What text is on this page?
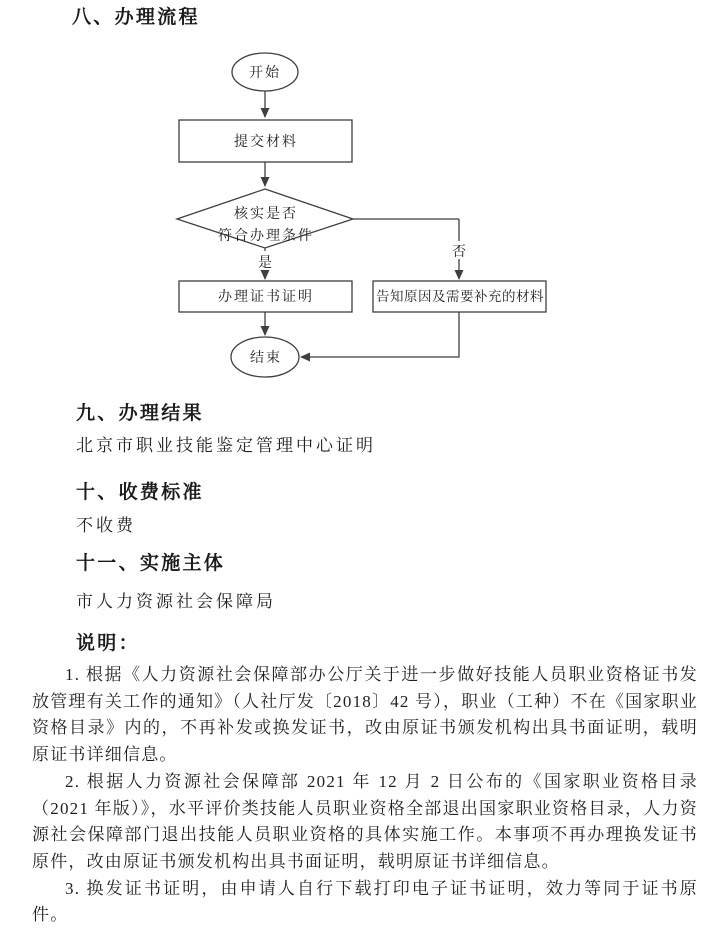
八、办理流程
开始
提交材料
核实是否
符合办理条件
是
否
办理证书证明	告知原因及需要补充的材料
结束
九、办理结果
北京市职业技能鉴定管理中心证明
十、收费标准
不收费
十一、实施主体
市人力资源社会保障局
说明：

1. 根据《人力资源社会保障部办公厅关于进一步做好技能人员职业资格证书发放管理有关工作的通知》（人社厅发〔2018〕42 号），职业（工种）不在《国家职业资格目录》内的，不再补发或换发证书，改由原证书颁发机构出具书面证明，载明原证书详细信息。

2. 根据人力资源社会保障部 2021 年 12 月 2 日公布的《国家职业资格目录（2021 年版）》，水平评价类技能人员职业资格全部退出国家职业资格目录，人力资源社会保障部门退出技能人员职业资格的具体实施工作。本事项不再办理换发证书原件，改由原证书颁发机构出具书面证明，载明原证书详细信息。

3. 换发证书证明，由申请人自行下载打印电子证书证明，效力等同于证书原件。
